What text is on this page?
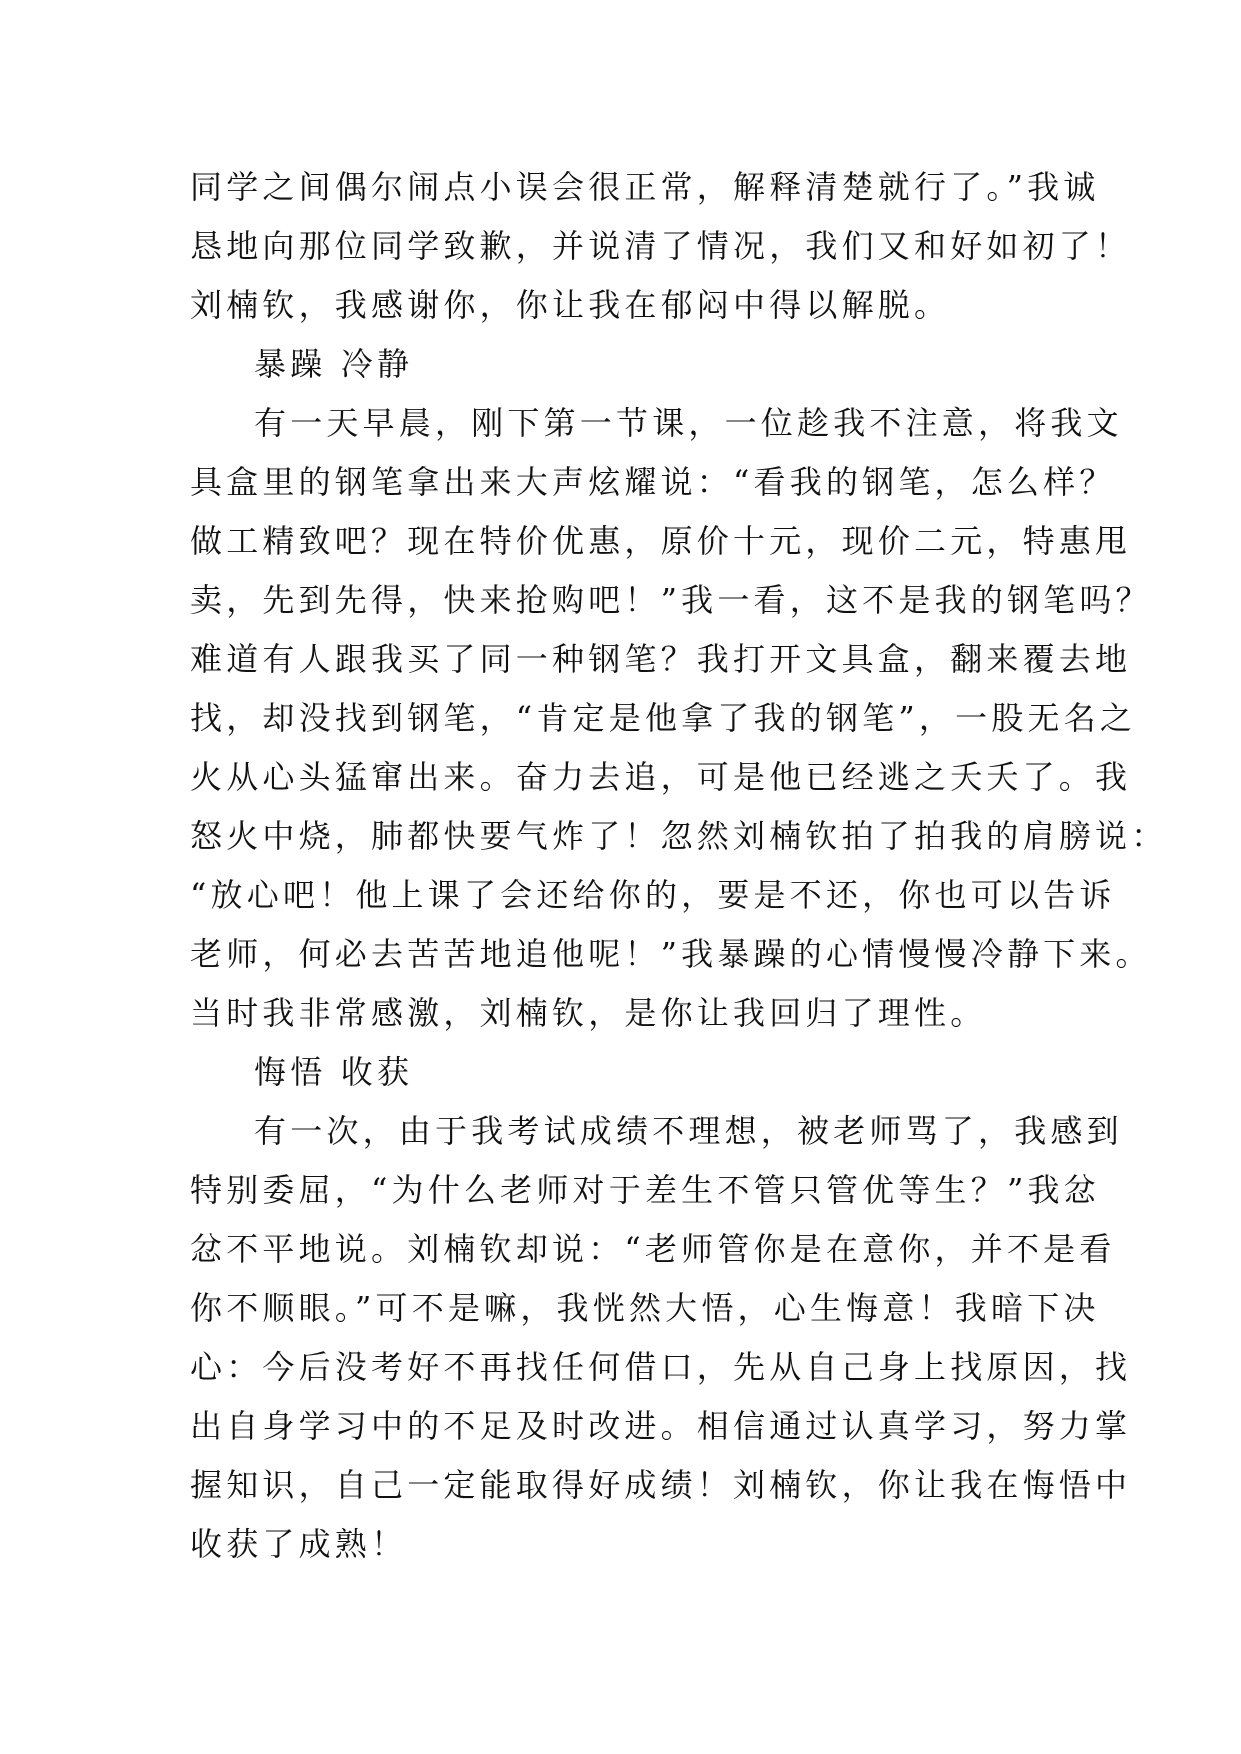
同学之间偶尔闹点小误会很正常，解释清楚就行了。”我诚
恳地向那位同学致歉，并说清了情况，我们又和好如初了！
刘楠钦，我感谢你，你让我在郁闷中得以解脱。
暴躁 冷静
有一天早晨，刚下第一节课，一位趁我不注意，将我文
具盒里的钢笔拿出来大声炫耀说：“看我的钢笔，怎么样？
做工精致吧？现在特价优惠，原价十元，现价二元，特惠甩
卖，先到先得，快来抢购吧！”我一看，这不是我的钢笔吗？
难道有人跟我买了同一种钢笔？我打开文具盒，翻来覆去地
找，却没找到钢笔，“肯定是他拿了我的钢笔”，一股无名之
火从心头猛窜出来。奋力去追，可是他已经逃之夭夭了。我
怒火中烧，肺都快要气炸了！忽然刘楠钦拍了拍我的肩膀说：
“放心吧！他上课了会还给你的，要是不还，你也可以告诉
老师，何必去苦苦地追他呢！”我暴躁的心情慢慢冷静下来。
当时我非常感激，刘楠钦，是你让我回归了理性。
悔悟 收获
有一次，由于我考试成绩不理想，被老师骂了，我感到
特别委屈，“为什么老师对于差生不管只管优等生？”我忿
忿不平地说。刘楠钦却说：“老师管你是在意你，并不是看
你不顺眼。”可不是嘛，我恍然大悟，心生悔意！我暗下决
心：今后没考好不再找任何借口，先从自己身上找原因，找
出自身学习中的不足及时改进。相信通过认真学习，努力掌
握知识，自己一定能取得好成绩！刘楠钦，你让我在悔悟中
收获了成熟！
